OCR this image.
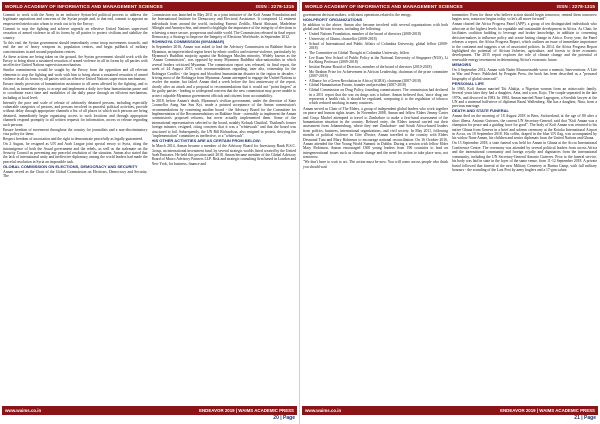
WORLD ACADEMY OF INFORMATICS AND MANAGEMENT SCIENCES	ISSN : 2278-1315

Commit to work with the Army in an inclusive Syrian-led political process to address the legitimate aspirations and concerns of the Syrian people and, to that end, commit to appoint an empowered interlocutor whom to reach out to by the Envoy;

Commit to stop the fighting and achieve urgently an effective United Nations supervised cessation of armed violence in all its forms by all parties to protect civilians and stabilize the country.

To this end, the Syrian government should immediately cease troop movements towards, and end the use of heavy weapons in, population centres, and begin pullback of military concentrations in and around population centres.

As these actions are being taken on the ground, the Syrian government should work with the Envoy to bring about a sustained cessation of armed violence in all its forms by all parties with an effective United Nations supervision mechanism.

Similar commitments would be sought by the Envoy from the opposition and all relevant elements to stop the fighting and work with him to bring about a sustained cessation of armed violence in all its forms by all parties with an effective United Nations supervision mechanism;

Ensure timely provision of humanitarian assistance to all areas affected by the fighting, and to this end, as immediate steps, to accept and implement a daily two-hour humanitarian pause and to coordinate exact time and modalities of the daily pause through an efficient mechanism, including at local level;

Intensify the pace and scale of release of arbitrarily detained persons, including especially vulnerable categories of persons, and persons involved in peaceful political activities, provide without delay through appropriate channels a list of all places in which such persons are being detained, immediately begin organizing access to such locations and through appropriate channels respond promptly to all written requests for information, access or release regarding such persons;

Ensure freedom of movement throughout the country for journalists and a non-discriminatory visa policy for them;

Respect freedom of association and the right to demonstrate peacefully as legally guaranteed.

On 2 August, he resigned as UN and Arab League joint special envoy to Syria, citing the intransigence of both the Assad government and the rebels, as well as the stalemate on the Security Council as preventing any peaceful resolution of the situation. Annan also stated that the lack of international unity and ineffective diplomacy among the world leaders had made the peaceful resolution in Syria an impossible task.

GLOBAL COMMISSION ON ELECTIONS, DEMOCRACY AND SECURITY

Annan served as the Chair of the Global Commission on Elections, Democracy and Security. The

Commission was launched in May 2011 as a joint initiative of the Kofi Annan Foundation and the International Institute for Democracy and Electoral Assistance. It comprised 12 eminent individuals from around the world, including Ernesto Zedillo, Martti Ahtisaari, Madeleine Albright and Amartya Sen, and aimed to highlight the importance of the integrity of elections to achieving a more secure, prosperous and stable world. The Commission released its final report: Democracy, a Strategy to Improve the Integrity of Elections Worldwide, in September 2012.

ROHINGYA COMMISSION (MYANMAR)

In September 2016, Annan was asked to lead the Advisory Commission on Rakhine State in Myanmar, an impoverished region beset by ethnic conflict and extreme violence, particularly by Myanmar's Buddhist majority against the Rohingya Muslim minority. Widely known as the "Annan Commission", was opposed by many Myanmar Buddhist ultra-nationalists in which several leaders criticized Myanmar. The commission report was released, its final report, the week of 24 August 2017, with recommendations regarding, inter alia, citizenship for the Rohingya Conflict - the largest and bloodiest humanitarian disaster in the region in decades - driving most of the Rohingya from Myanmar. Annan attempted to engage the United Nations to resolve the matter, but failed. Annan died a week before the first anniversary of the report, shortly after an attack and a proposal to recommendations that it would not "point fingers" at the guilty parties - leading to widespread concern that the new commission may prove unable to protect culpable Myanmar government officials and citizens from accountability.

In 2018, before Annan's death, Myanmar's civilian government, under the direction of State Counsellor Aung San Suu Kyi, made a pointed acceptance of the Annan commission's recommendations by convening another board - the Advisory Board for the Committee for Implementation of the Recommendations on Rakhine State - ostensibly to implement the Annan commission's proposed reforms, but never actually implemented them. Some of the international representatives selected to the board, notably Kobsak Chutikul, Thailand's former foreign minister, resigned, citing concerns that it was a "whitewash" and that the board was structured to fail. Subsequently, the UN Bill Richardson, also resigned in protest, decrying the "implementation" committee as ineffective, or a "whitewash".

HIS OTHER ACTIVITIES ARE AS CERTAIN FROM BELOW:

In March 2014, Annan became a member of the Advisory Board for Investcorp Bank B.S.C. Group, an international investment fund, by several strategic worlds listed created by the United Arab Emirates. He held this position until 2018. Annan became member of the Global Advisory Board of Macro Advisory Partners LLP. Risk and strategic consulting firm based in London and New York, for business, finance and

www.waims.co.in	ENDEAVOR 2019 | WAIMS ACADEMIC PRESS
20 | Page
WORLD ACADEMY OF INFORMATICS AND MANAGEMENT SCIENCES	ISSN : 2278-1315

government decision makers, with most operations related to the energy.

NON-PROFIT ORGANIZATIONS

In addition to the above, Annan also became involved with several organizations with both global and African focuses, including the following:

• United Nations Foundation, member of the board of directors (2008-2018)
• University of Ghana, chancellor (2008-2018)
• School of International and Public Affairs of Columbia University, global fellow (2009-2018)
• The Committee on Global Thought at Columbia University, fellow
• Lee Kuan Yew School of Public Policy at the National University of Singapore (NUS), Li Ka Shing Professor (2009-2018)
• Institut Pasteur Board of Directors, member of the board of directors (2010-2018)
• Mo Ibrahim Prize for Achievement in African Leadership, chairman of the prize committee (2007-2018)
• Alliance for a Green Revolution in Africa (AGRA), chairman (2007-2018)
• Global Humanitarian Forum, founder and president (2007-2018)
• Global Commission on Drug Policy, founding commissioner. The commission had declared in a 2011 report that the war on drugs was a failure. Annan believed that, 'since drug use represents a health risk, it should be regulated, comparing it to the regulation of tobacco which reduced smoking in many countries.

Annan served as Chair of The Elders, a group of independent global leaders who work together on peace and human rights issues. In November 2008, Annan and fellow Elders Jimmy Carter and Graça Machel attempted to travel to Zimbabwe to make a first-hand assessment of the humanitarian situation in the country. Refused entry, the Elders instead carried out their assessment from Johannesburg, where they met Zimbabwe- and South Africa-based leaders from politics, business, international organizations, and civil society. In May 2011, following months of political violence in Côte d'Ivoire, Annan travelled to the country with Elders Desmond Tutu and Mary Robinson to encourage national reconciliation. On 16 October 2016, Annan attended the One Young World Summit in Dublin. During a session with fellow Elder Mary Robinson, Annan encouraged 1300 young leaders from 196 countries to lead on intergenerational issues such as climate change and the need for action to take place now, not tomorrow.

"We don't have to wait to act. The action must be now. You will come across people who think you should wait

transmitter. Even for those who believe action should begin tomorrow, remind them tomorrow begins now, tomorrow begins today, so let's all move forward".

Annan chaired the Africa Progress Panel (APP), a group of ten distinguished individuals who advocate at the highest levels for equitable and sustainable development in Africa. As Chair, he facilitates coalition building to leverage and broker knowledge, in addition to convening decision-makers to influence policy and create lasting change in Africa. Every year, the Panel releases a report, the Africa Progress Report, which outlines an issue of immediate importance to the continent and suggests a set of associated policies. In 2014, the Africa Progress Report highlighted the potential of African fisheries, agriculture, and forests to drive economic development. The 2015 report explores the role of climate change and the potential of renewable energy investment in determining Africa's economic future.

MEMOIRS

On 4 September 2012, Annan with Nader Mousavizadeh wrote a memoir, Interventions: A Life in War and Peace. Published by Penguin Press, the book has been described as a "personal biography of global statecraft".

PERSONAL LIFE

In 1965, Kofi Annan married Titi Alakija, a Nigerian woman from an aristocratic family. Several years later they had a daughter, Ama, and a son, Kojo. The couple separated in the late 1970s, and divorced in 1983. In 1984, Annan married Nane Lagergren, a Swedish lawyer at the UN and a maternal half-niece of diplomat Raoul Wallenberg. She has a daughter, Nina, from a previous marriage.

DEATH AND STATE FUNERAL

Annan died on the morning of 18 August 2018 in Bern, Switzerland, at the age of 80 after a short illness. Antonio Guterres, the current UN Secretary-General, said that "Kofi Annan was a champion for peace and a guiding force for good". The body of Kofi Annan was returned to his native Ghana from Geneva in a brief and solemn ceremony at the Kotoka International Airport in Accra, on 10 September 2018. His coffin, draped in the blue UN flag, was accompanied by his widow Nane Annan, his children and senior diplomats from the United Nations and Ghana.

On 13 September 2018, a state funeral was held for Annan in Ghana at the Accra International Conference Centre. The ceremony was attended by several political leaders from across Africa and the international community and foreign royalty and dignitaries from the international community, including the UN Secretary-General Antonio Guterres. Prior to the funeral service, his body was laid in state in the foyer of the same venue, from 11-12 September 2018. A private burial followed that funeral at the new Military Cemetery at Burma Camp, with full military honours - the sounding of the Last Post by army buglers and a 17-gun salute.

www.waims.co.in	ENDEAVOR 2019 | WAIMS ACADEMIC PRESS
21 | Page
